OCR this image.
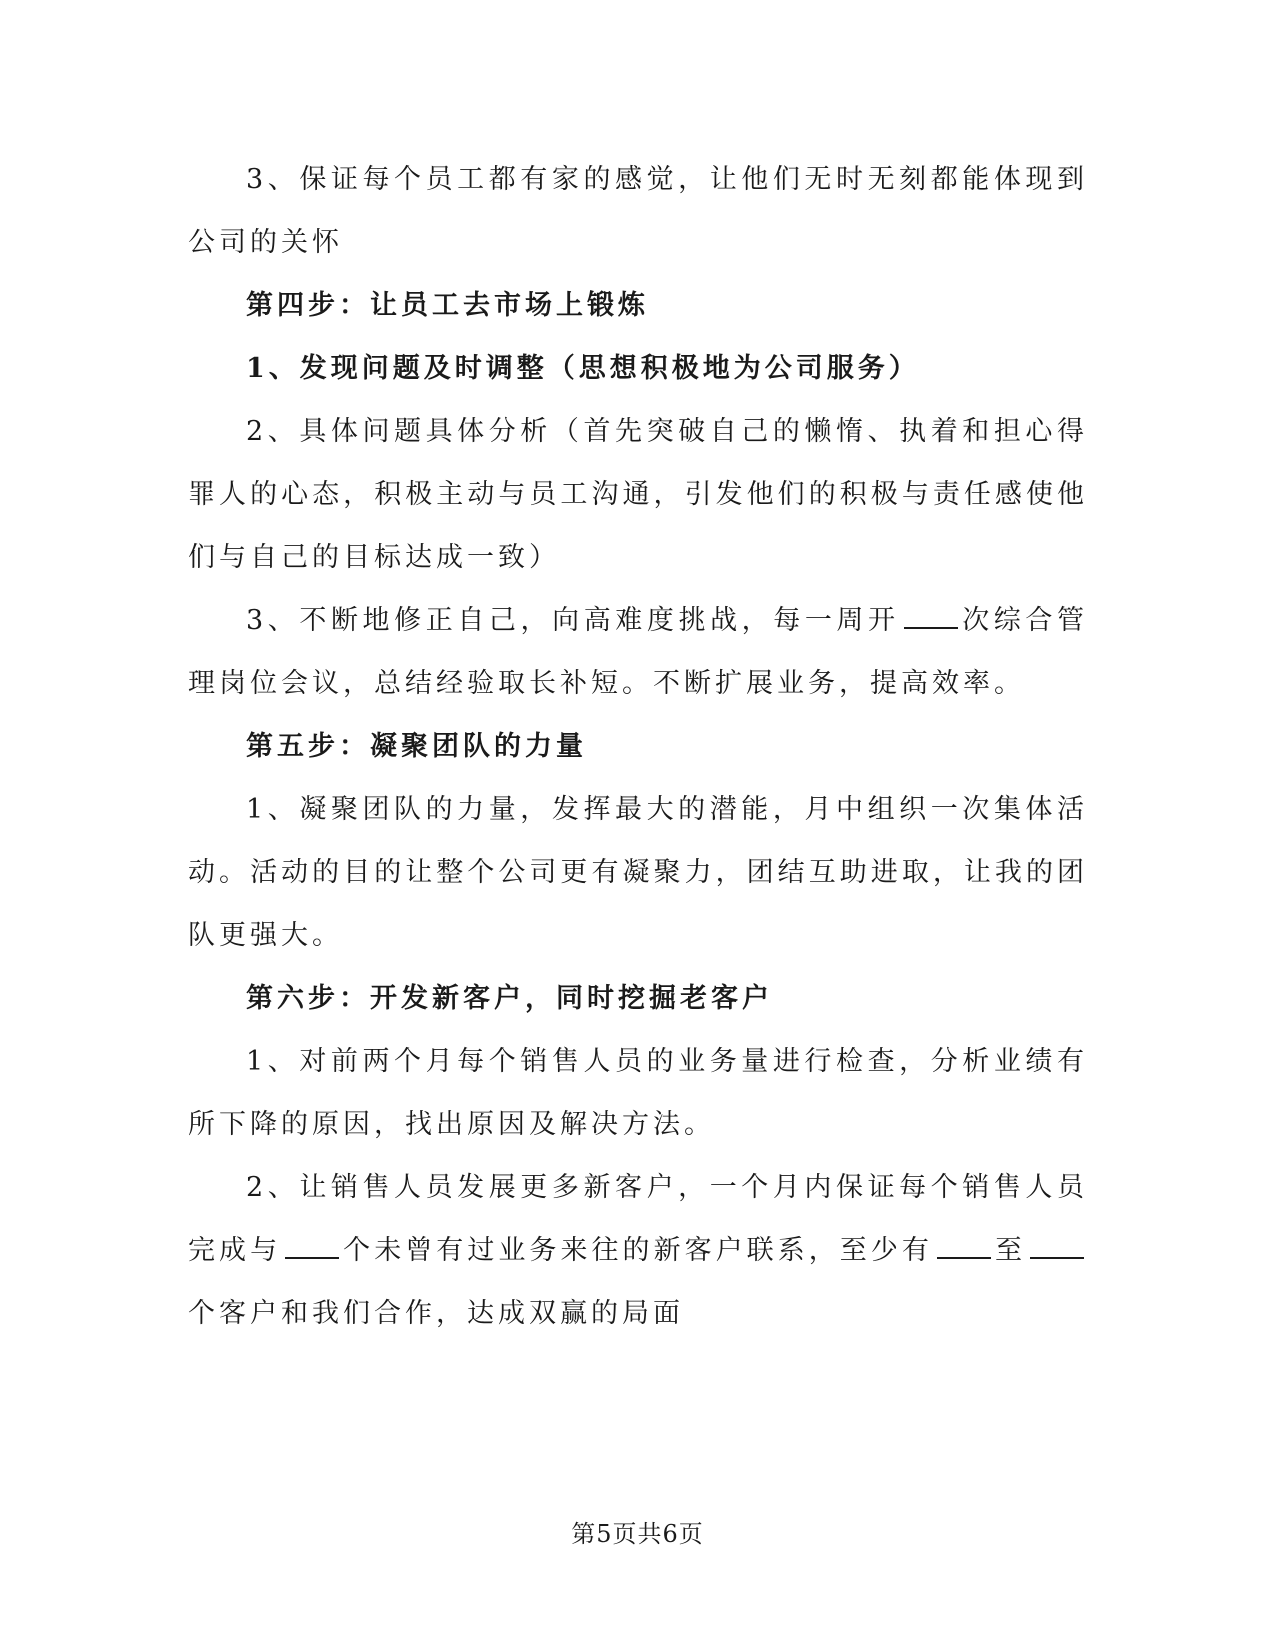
3、保证每个员工都有家的感觉，让他们无时无刻都能体现到公司的关怀

第四步：让员工去市场上锻炼

1、发现问题及时调整（思想积极地为公司服务）

2、具体问题具体分析（首先突破自己的懒惰、执着和担心得罪人的心态，积极主动与员工沟通，引发他们的积极与责任感使他们与自己的目标达成一致）

3、不断地修正自己，向高难度挑战，每一周开 次综合管理岗位会议，总结经验取长补短。不断扩展业务，提高效率。

第五步：凝聚团队的力量

1、凝聚团队的力量，发挥最大的潜能，月中组织一次集体活动。活动的目的让整个公司更有凝聚力，团结互助进取，让我的团队更强大。

第六步：开发新客户，同时挖掘老客户

1、对前两个月每个销售人员的业务量进行检查，分析业绩有所下降的原因，找出原因及解决方法。

2、让销售人员发展更多新客户，一个月内保证每个销售人员完成与 个未曾有过业务来往的新客户联系，至少有 至个客户和我们合作，达成双赢的局面

第5页共6页
